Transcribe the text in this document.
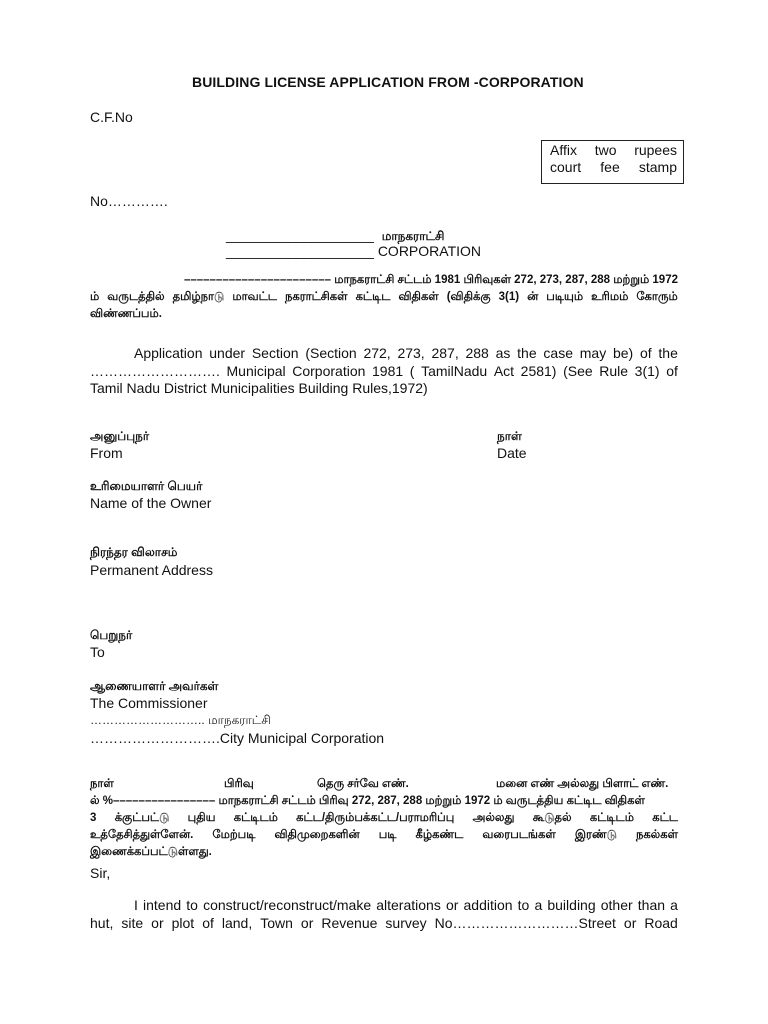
BUILDING LICENSE APPLICATION FROM -CORPORATION
C.F.No
Affix two rupees
court fee stamp
No………….
___________________ மாநகராட்சி
___________________ CORPORATION
––––––––––––––––––––––– மாநகராட்சி சட்டம் 1981 பிரிவுகள் 272, 273, 287, 288 மற்றும் 1972
ம் வருடத்தில் தமிழ்நாடு மாவட்ட நகராட்சிகள் கட்டிட விதிகள் (விதிக்கு 3(1) ன் படியும் உரிமம் கோரும்
விண்ணப்பம்.
Application under Section (Section 272, 273, 287, 288 as the case may be) of the
………………………. Municipal Corporation 1981 ( TamilNadu Act 2581) (See Rule 3(1) of
Tamil Nadu District Municipalities Building Rules,1972)
அனுப்புநர்
From
நாள்
Date
உரிமையாளர் பெயர்
Name of the Owner
நிரந்தர விலாசம்
Permanent Address
பெறுநர்
To
ஆணையாளர் அவர்கள்
The Commissioner
……………………….. மாநகராட்சி
……………………….City Municipal Corporation
நாள்	பிரிவு	தெரு சர்வே எண்.	மனை எண் அல்லது பிளாட் எண்.
ல் %–––––––––––––––– மாநகராட்சி சட்டம் பிரிவு 272, 287, 288 மற்றும் 1972 ம் வருடத்திய கட்டிட விதிகள்
3 க்குட்பட்டு புதிய கட்டிடம் கட்ட/திரும்பக்கட்ட/பராமரிப்பு அல்லது கூடுதல் கட்டிடம் கட்ட
உத்தேசித்துள்ளேன். மேற்படி விதிமுறைகளின் படி கீழ்கண்ட வரைபடங்கள் இரண்டு நகல்கள்
இணைக்கப்பட்டுள்ளது.
Sir,
I intend to construct/reconstruct/make alterations or addition to a building other than a
hut, site or plot of land, Town or Revenue survey No………………………Street or Road
